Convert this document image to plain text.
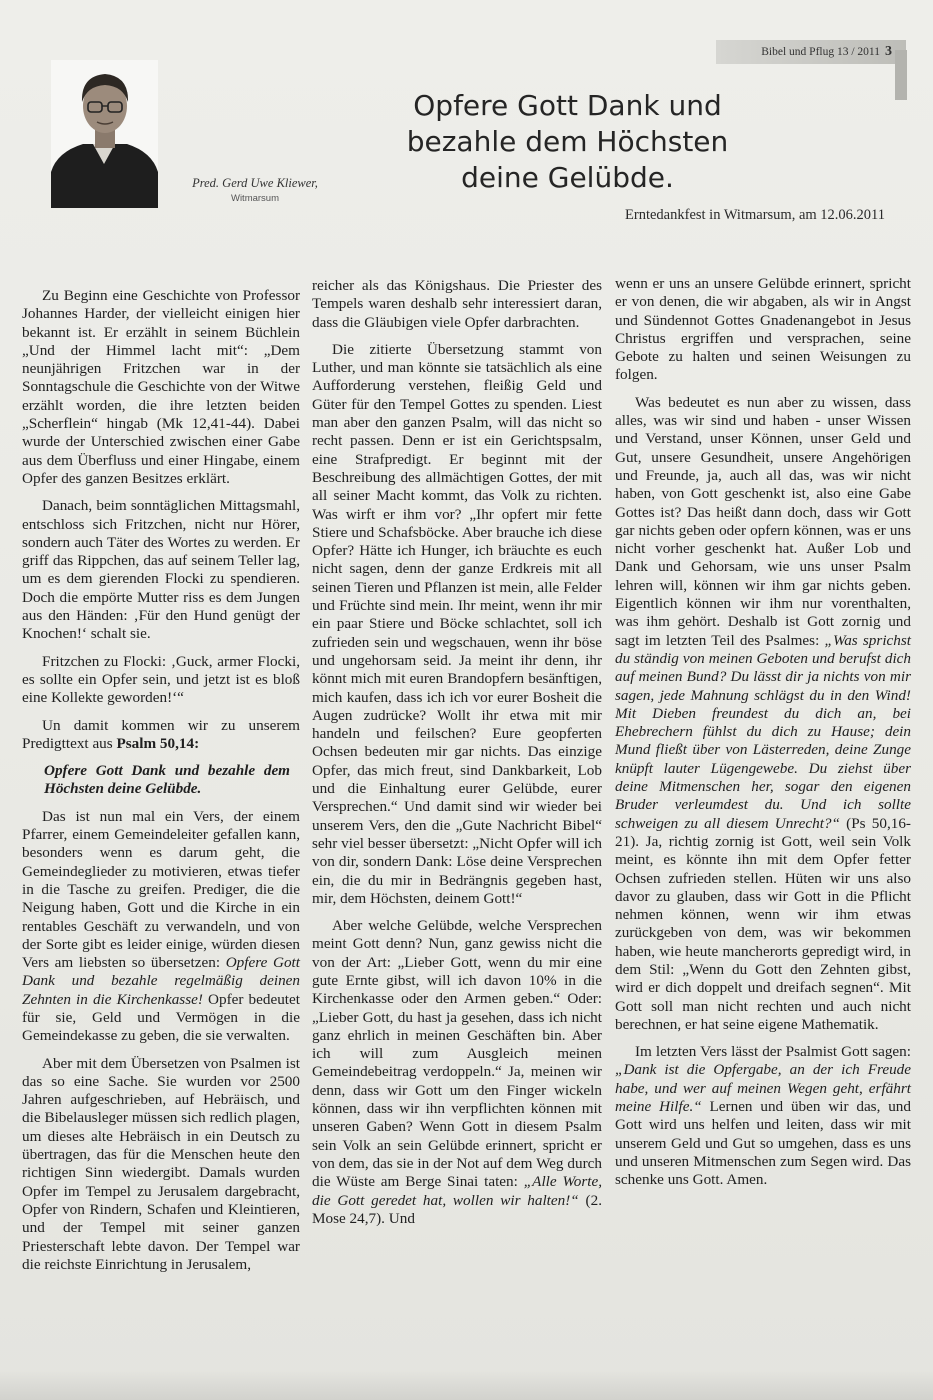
Bibel und Pflug 13 / 2011 3
Pred. Gerd Uwe Kliewer,
Witmarsum
Opfere Gott Dank und
bezahle dem Höchsten
deine Gelübde.
Erntedankfest in Witmarsum, am 12.06.2011

Zu Beginn eine Geschichte von Professor Johannes Harder, der vielleicht einigen hier bekannt ist. Er erzählt in seinem Büchlein „Und der Himmel lacht mit“: „Dem neunjährigen Fritzchen war in der Sonntagschule die Geschichte von der Witwe erzählt worden, die ihre letzten beiden „Scherflein“ hingab (Mk 12,41-44). Dabei wurde der Unterschied zwischen einer Gabe aus dem Überfluss und einer Hingabe, einem Opfer des ganzen Besitzes erklärt.

Danach, beim sonntäglichen Mittagsmahl, entschloss sich Fritzchen, nicht nur Hörer, sondern auch Täter des Wortes zu werden. Er griff das Rippchen, das auf seinem Teller lag, um es dem gierenden Flocki zu spendieren. Doch die empörte Mutter riss es dem Jungen aus den Händen: ‚Für den Hund genügt der Knochen!‘ schalt sie.

Fritzchen zu Flocki: ‚Guck, armer Flocki, es sollte ein Opfer sein, und jetzt ist es bloß eine Kollekte geworden!‘“

Un damit kommen wir zu unserem Predigttext aus Psalm 50,14:

Opfere Gott Dank und bezahle dem Höchsten deine Gelübde.

Das ist nun mal ein Vers, der einem Pfarrer, einem Gemeindeleiter gefallen kann, besonders wenn es darum geht, die Gemeindeglieder zu motivieren, etwas tiefer in die Tasche zu greifen. Prediger, die die Neigung haben, Gott und die Kirche in ein rentables Geschäft zu verwandeln, und von der Sorte gibt es leider einige, würden diesen Vers am liebsten so übersetzen: Opfere Gott Dank und bezahle regelmäßig deinen Zehnten in die Kirchenkasse! Opfer bedeutet für sie, Geld und Vermögen in die Gemeindekasse zu geben, die sie verwalten.

Aber mit dem Übersetzen von Psalmen ist das so eine Sache. Sie wurden vor 2500 Jahren aufgeschrieben, auf Hebräisch, und die Bibelausleger müssen sich redlich plagen, um dieses alte Hebräisch in ein Deutsch zu übertragen, das für die Menschen heute den richtigen Sinn wiedergibt. Damals wurden Opfer im Tempel zu Jerusalem dargebracht, Opfer von Rindern, Schafen und Kleintieren, und der Tempel mit seiner ganzen Priesterschaft lebte davon. Der Tempel war die reichste Einrichtung in Jerusalem,

reicher als das Königshaus. Die Priester des Tempels waren deshalb sehr interessiert daran, dass die Gläubigen viele Opfer darbrachten.

Die zitierte Übersetzung stammt von Luther, und man könnte sie tatsächlich als eine Aufforderung verstehen, fleißig Geld und Güter für den Tempel Gottes zu spenden. Liest man aber den ganzen Psalm, will das nicht so recht passen. Denn er ist ein Gerichtspsalm, eine Strafpredigt. Er beginnt mit der Beschreibung des allmächtigen Gottes, der mit all seiner Macht kommt, das Volk zu richten. Was wirft er ihm vor? „Ihr opfert mir fette Stiere und Schafsböcke. Aber brauche ich diese Opfer? Hätte ich Hunger, ich bräuchte es euch nicht sagen, denn der ganze Erdkreis mit all seinen Tieren und Pflanzen ist mein, alle Felder und Früchte sind mein. Ihr meint, wenn ihr mir ein paar Stiere und Böcke schlachtet, soll ich zufrieden sein und wegschauen, wenn ihr böse und ungehorsam seid. Ja meint ihr denn, ihr könnt mich mit euren Brandopfern besänftigen, mich kaufen, dass ich ich vor eurer Bosheit die Augen zudrücke? Wollt ihr etwa mit mir handeln und feilschen? Eure geopferten Ochsen bedeuten mir gar nichts. Das einzige Opfer, das mich freut, sind Dankbarkeit, Lob und die Einhaltung eurer Gelübde, eurer Versprechen.“ Und damit sind wir wieder bei unserem Vers, den die „Gute Nachricht Bibel“ sehr viel besser übersetzt: „Nicht Opfer will ich von dir, sondern Dank: Löse deine Versprechen ein, die du mir in Bedrängnis gegeben hast, mir, dem Höchsten, deinem Gott!“

Aber welche Gelübde, welche Versprechen meint Gott denn? Nun, ganz gewiss nicht die von der Art: „Lieber Gott, wenn du mir eine gute Ernte gibst, will ich davon 10% in die Kirchenkasse oder den Armen geben.“ Oder: „Lieber Gott, du hast ja gesehen, dass ich nicht ganz ehrlich in meinen Geschäften bin. Aber ich will zum Ausgleich meinen Gemeindebeitrag verdoppeln.“ Ja, meinen wir denn, dass wir Gott um den Finger wickeln können, dass wir ihn verpflichten können mit unseren Gaben? Wenn Gott in diesem Psalm sein Volk an sein Gelübde erinnert, spricht er von dem, das sie in der Not auf dem Weg durch die Wüste am Berge Sinai taten: „Alle Worte, die Gott geredet hat, wollen wir halten!“ (2. Mose 24,7). Und

wenn er uns an unsere Gelübde erinnert, spricht er von denen, die wir abgaben, als wir in Angst und Sündennot Gottes Gnadenangebot in Jesus Christus ergriffen und versprachen, seine Gebote zu halten und seinen Weisungen zu folgen.

Was bedeutet es nun aber zu wissen, dass alles, was wir sind und haben - unser Wissen und Verstand, unser Können, unser Geld und Gut, unsere Gesundheit, unsere Angehörigen und Freunde, ja, auch all das, was wir nicht haben, von Gott geschenkt ist, also eine Gabe Gottes ist? Das heißt dann doch, dass wir Gott gar nichts geben oder opfern können, was er uns nicht vorher geschenkt hat. Außer Lob und Dank und Gehorsam, wie uns unser Psalm lehren will, können wir ihm gar nichts geben. Eigentlich können wir ihm nur vorenthalten, was ihm gehört. Deshalb ist Gott zornig und sagt im letzten Teil des Psalmes: „Was sprichst du ständig von meinen Geboten und berufst dich auf meinen Bund? Du lässt dir ja nichts von mir sagen, jede Mahnung schlägst du in den Wind! Mit Dieben freundest du dich an, bei Ehebrechern fühlst du dich zu Hause; dein Mund fließt über von Lästerreden, deine Zunge knüpft lauter Lügengewebe. Du ziehst über deine Mitmenschen her, sogar den eigenen Bruder verleumdest du. Und ich sollte schweigen zu all diesem Unrecht?“ (Ps 50,16-21). Ja, richtig zornig ist Gott, weil sein Volk meint, es könnte ihn mit dem Opfer fetter Ochsen zufrieden stellen. Hüten wir uns also davor zu glauben, dass wir Gott in die Pflicht nehmen können, wenn wir ihm etwas zurückgeben von dem, was wir bekommen haben, wie heute mancherorts gepredigt wird, in dem Stil: „Wenn du Gott den Zehnten gibst, wird er dich doppelt und dreifach segnen“. Mit Gott soll man nicht rechten und auch nicht berechnen, er hat seine eigene Mathematik.

Im letzten Vers lässt der Psalmist Gott sagen: „Dank ist die Opfergabe, an der ich Freude habe, und wer auf meinen Wegen geht, erfährt meine Hilfe.“ Lernen und üben wir das, und Gott wird uns helfen und leiten, dass wir mit unserem Geld und Gut so umgehen, dass es uns und unseren Mitmenschen zum Segen wird. Das schenke uns Gott. Amen.
